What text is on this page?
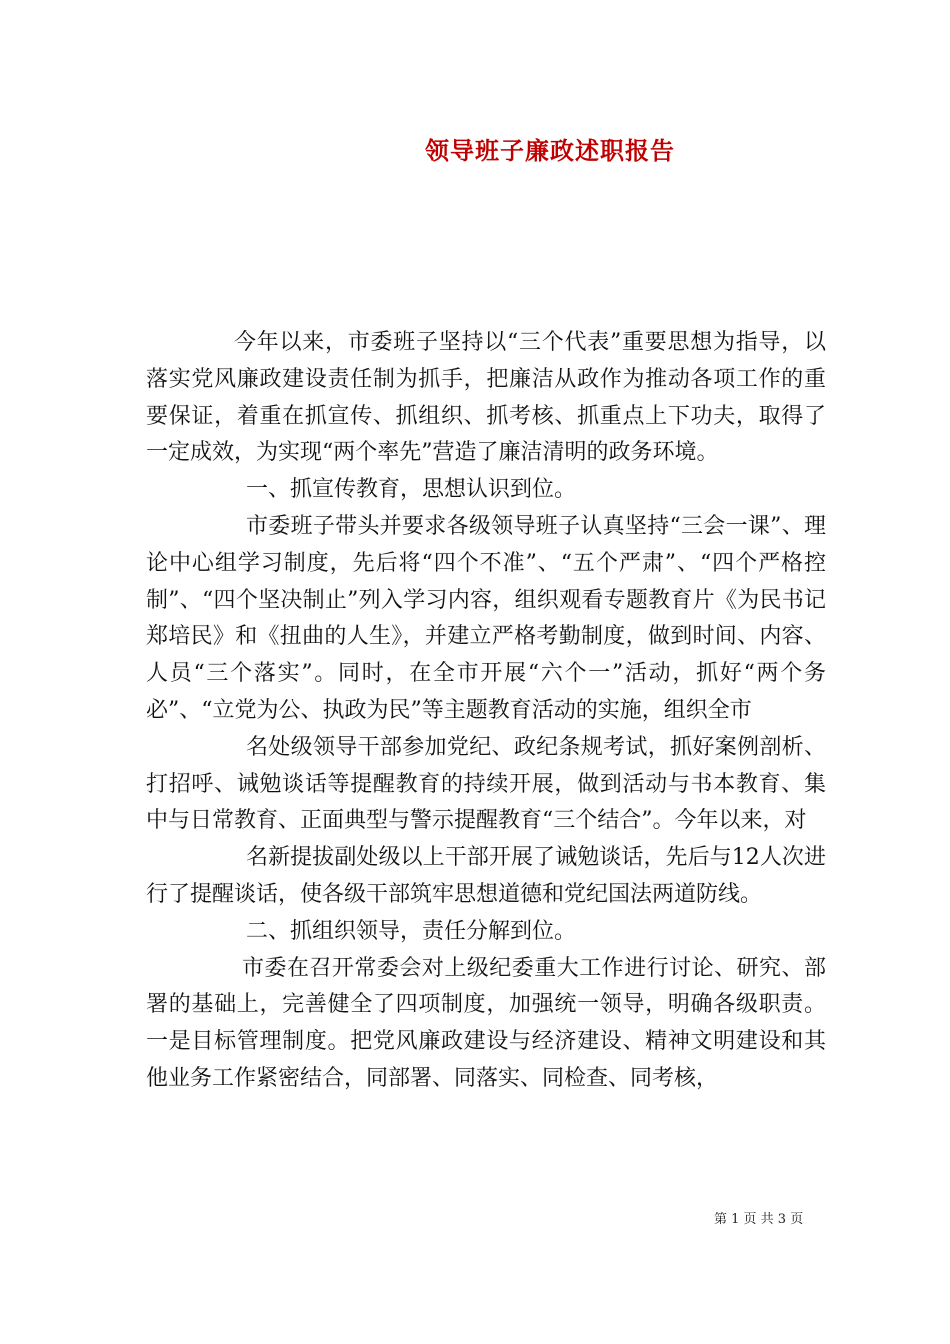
领导班子廉政述职报告

今年以来，市委班子坚持以“三个代表”重要思想为指导，以落实党风廉政建设责任制为抓手，把廉洁从政作为推动各项工作的重要保证，着重在抓宣传、抓组织、抓考核、抓重点上下功夫，取得了一定成效，为实现“两个率先”营造了廉洁清明的政务环境。

一、抓宣传教育，思想认识到位。

市委班子带头并要求各级领导班子认真坚持“三会一课”、理论中心组学习制度，先后将“四个不准”、“五个严肃”、“四个严格控制”、“四个坚决制止”列入学习内容，组织观看专题教育片《为民书记郑培民》和《扭曲的人生》，并建立严格考勤制度，做到时间、内容、人员“三个落实”。同时，在全市开展“六个一”活动，抓好“两个务必”、“立党为公、执政为民”等主题教育活动的实施，组织全市

名处级领导干部参加党纪、政纪条规考试，抓好案例剖析、打招呼、诫勉谈话等提醒教育的持续开展，做到活动与书本教育、集中与日常教育、正面典型与警示提醒教育“三个结合”。今年以来，对

名新提拔副处级以上干部开展了诫勉谈话，先后与12人次进行了提醒谈话，使各级干部筑牢思想道德和党纪国法两道防线。

二、抓组织领导，责任分解到位。

市委在召开常委会对上级纪委重大工作进行讨论、研究、部署的基础上，完善健全了四项制度，加强统一领导，明确各级职责。一是目标管理制度。把党风廉政建设与经济建设、精神文明建设和其他业务工作紧密结合，同部署、同落实、同检查、同考核，

第 1 页 共 3 页
